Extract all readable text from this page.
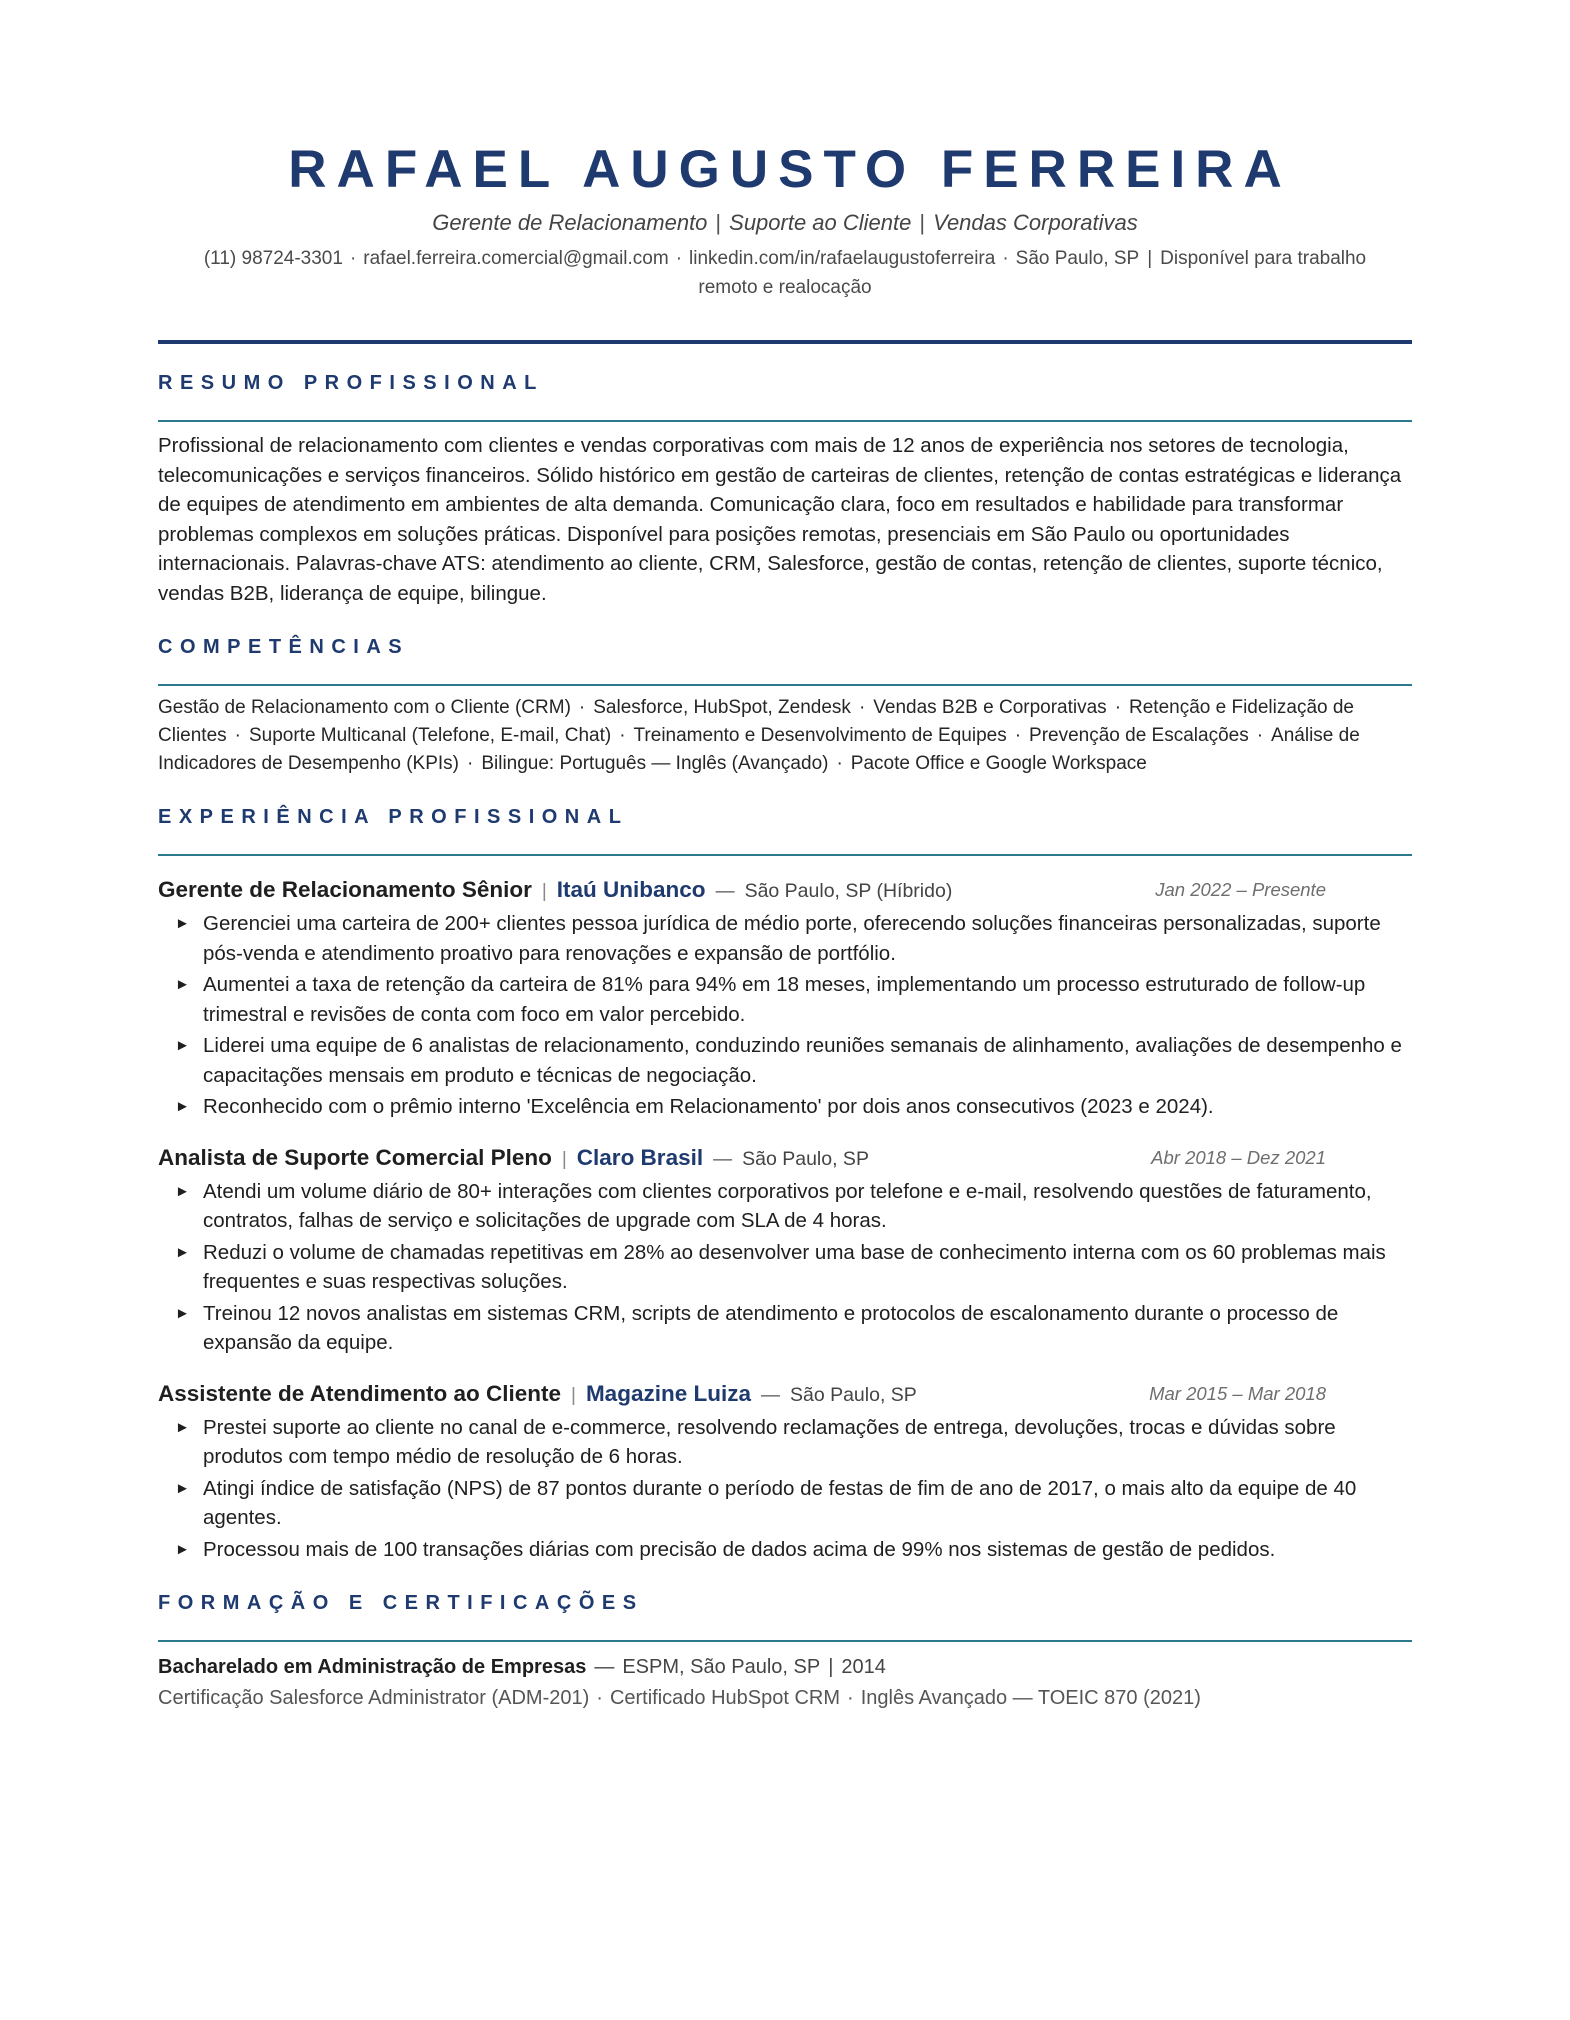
RAFAEL AUGUSTO FERREIRA
Gerente de Relacionamento | Suporte ao Cliente | Vendas Corporativas
(11) 98724-3301 · rafael.ferreira.comercial@gmail.com · linkedin.com/in/rafaelaugustoferreira · São Paulo, SP | Disponível para trabalho remoto e realocação
RESUMO PROFISSIONAL
Profissional de relacionamento com clientes e vendas corporativas com mais de 12 anos de experiência nos setores de tecnologia, telecomunicações e serviços financeiros. Sólido histórico em gestão de carteiras de clientes, retenção de contas estratégicas e liderança de equipes de atendimento em ambientes de alta demanda. Comunicação clara, foco em resultados e habilidade para transformar problemas complexos em soluções práticas. Disponível para posições remotas, presenciais em São Paulo ou oportunidades internacionais. Palavras-chave ATS: atendimento ao cliente, CRM, Salesforce, gestão de contas, retenção de clientes, suporte técnico, vendas B2B, liderança de equipe, bilingue.
COMPETÊNCIAS
Gestão de Relacionamento com o Cliente (CRM) · Salesforce, HubSpot, Zendesk · Vendas B2B e Corporativas · Retenção e Fidelização de Clientes · Suporte Multicanal (Telefone, E-mail, Chat) · Treinamento e Desenvolvimento de Equipes · Prevenção de Escalações · Análise de Indicadores de Desempenho (KPIs) · Bilingue: Português — Inglês (Avançado) · Pacote Office e Google Workspace
EXPERIÊNCIA PROFISSIONAL
Gerente de Relacionamento Sênior | Itaú Unibanco — São Paulo, SP (Híbrido)	Jan 2022 – Presente
► Gerenciei uma carteira de 200+ clientes pessoa jurídica de médio porte, oferecendo soluções financeiras personalizadas, suporte pós-venda e atendimento proativo para renovações e expansão de portfólio.
► Aumentei a taxa de retenção da carteira de 81% para 94% em 18 meses, implementando um processo estruturado de follow-up trimestral e revisões de conta com foco em valor percebido.
► Liderei uma equipe de 6 analistas de relacionamento, conduzindo reuniões semanais de alinhamento, avaliações de desempenho e capacitações mensais em produto e técnicas de negociação.
► Reconhecido com o prêmio interno 'Excelência em Relacionamento' por dois anos consecutivos (2023 e 2024).
Analista de Suporte Comercial Pleno | Claro Brasil — São Paulo, SP	Abr 2018 – Dez 2021
► Atendi um volume diário de 80+ interações com clientes corporativos por telefone e e-mail, resolvendo questões de faturamento, contratos, falhas de serviço e solicitações de upgrade com SLA de 4 horas.
► Reduzi o volume de chamadas repetitivas em 28% ao desenvolver uma base de conhecimento interna com os 60 problemas mais frequentes e suas respectivas soluções.
► Treinou 12 novos analistas em sistemas CRM, scripts de atendimento e protocolos de escalonamento durante o processo de expansão da equipe.
Assistente de Atendimento ao Cliente | Magazine Luiza — São Paulo, SP	Mar 2015 – Mar 2018
► Prestei suporte ao cliente no canal de e-commerce, resolvendo reclamações de entrega, devoluções, trocas e dúvidas sobre produtos com tempo médio de resolução de 6 horas.
► Atingi índice de satisfação (NPS) de 87 pontos durante o período de festas de fim de ano de 2017, o mais alto da equipe de 40 agentes.
► Processou mais de 100 transações diárias com precisão de dados acima de 99% nos sistemas de gestão de pedidos.
FORMAÇÃO E CERTIFICAÇÕES
Bacharelado em Administração de Empresas — ESPM, São Paulo, SP | 2014
Certificação Salesforce Administrator (ADM-201) · Certificado HubSpot CRM · Inglês Avançado — TOEIC 870 (2021)
